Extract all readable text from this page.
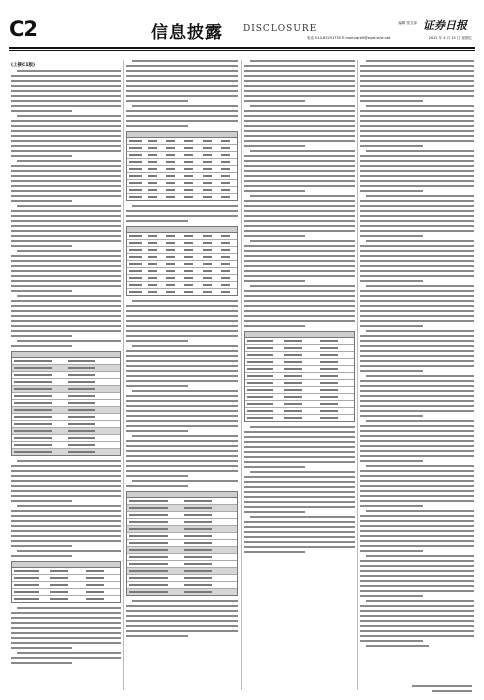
C2	信息披露 DISCLOSURE
编辑 张玉萍 证券日报
电话 010-83251730 E-mail:zqrb9@zqrb.sina.net	2022 年 4 月 15 日 星期五
(上接C1版)
